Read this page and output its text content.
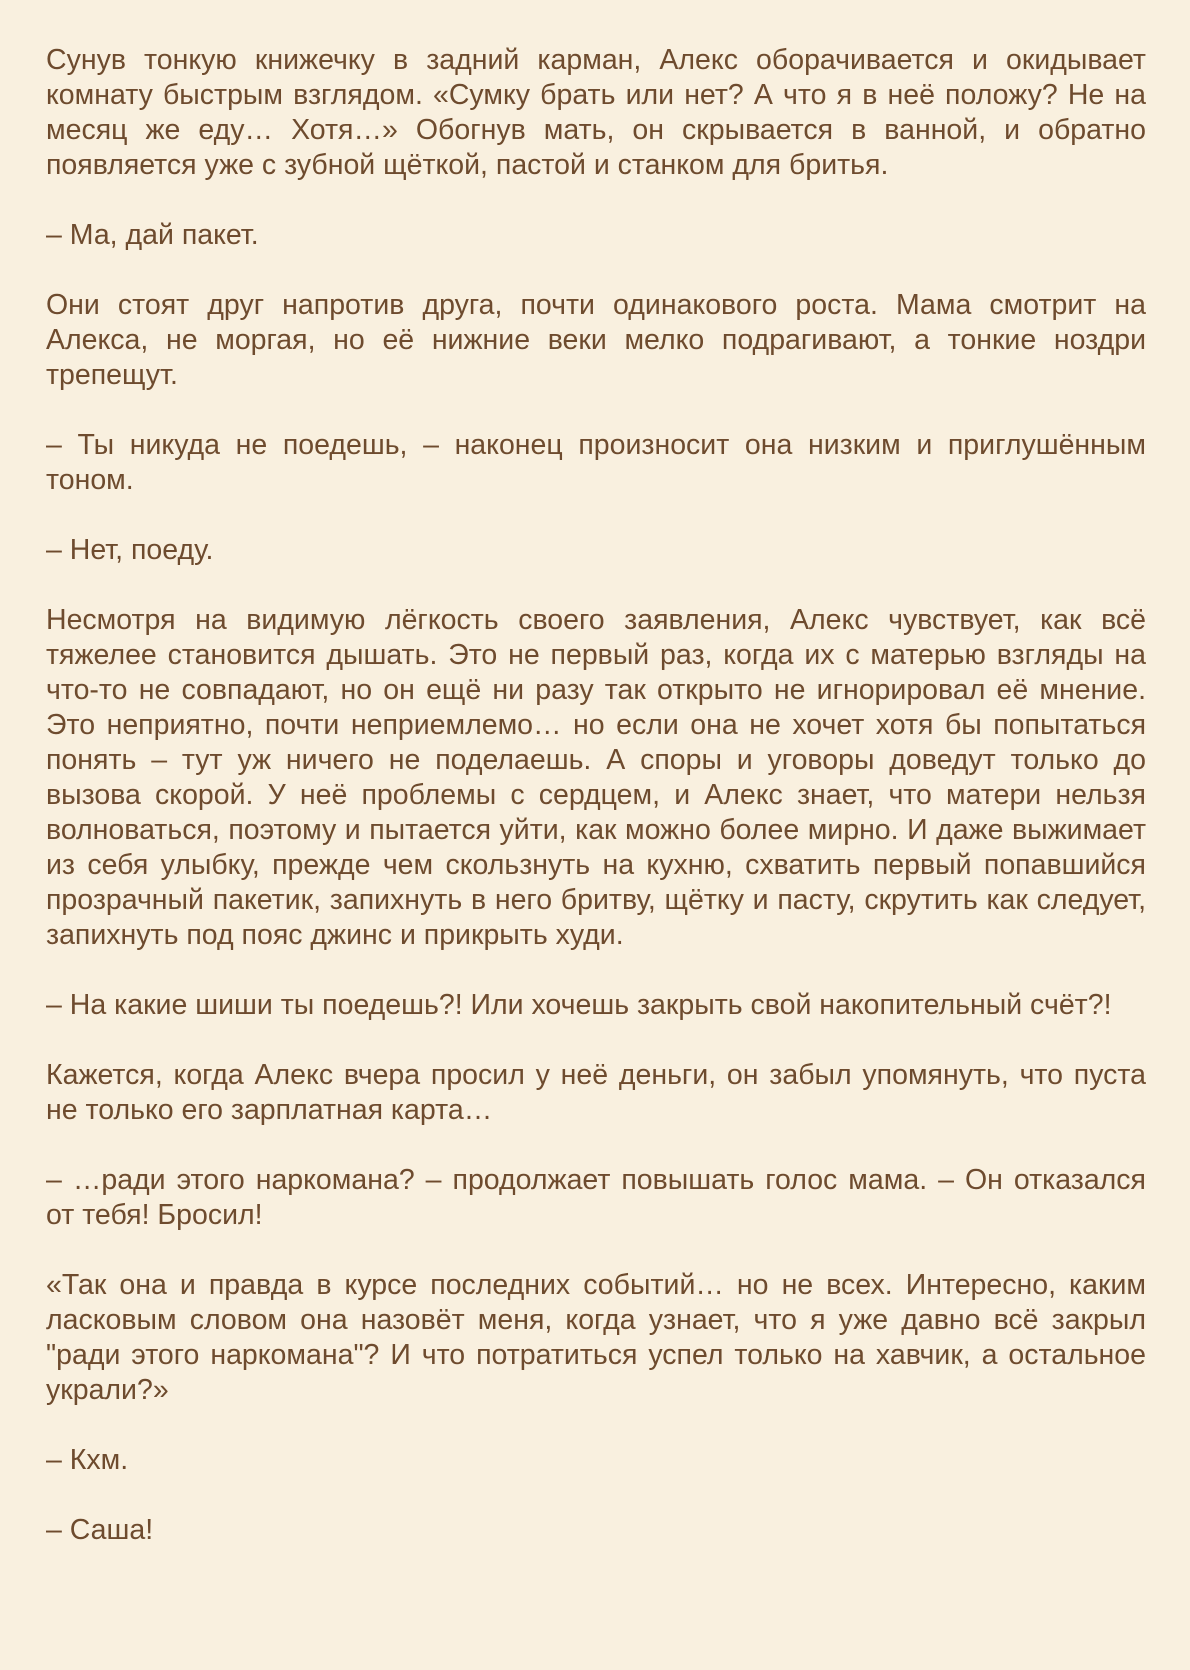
Сунув тонкую книжечку в задний карман, Алекс оборачивается и окидывает комнату быстрым взглядом. «Сумку брать или нет? А что я в неё положу? Не на месяц же еду… Хотя…» Обогнув мать, он скрывается в ванной, и обратно появляется уже с зубной щёткой, пастой и станком для бритья.

– Ма, дай пакет.

Они стоят друг напротив друга, почти одинакового роста. Мама смотрит на Алекса, не моргая, но её нижние веки мелко подрагивают, а тонкие ноздри трепещут.

– Ты никуда не поедешь, – наконец произносит она низким и приглушённым тоном.

– Нет, поеду.

Несмотря на видимую лёгкость своего заявления, Алекс чувствует, как всё тяжелее становится дышать. Это не первый раз, когда их с матерью взгляды на что-то не совпадают, но он ещё ни разу так открыто не игнорировал её мнение. Это неприятно, почти неприемлемо… но если она не хочет хотя бы попытаться понять – тут уж ничего не поделаешь. А споры и уговоры доведут только до вызова скорой. У неё проблемы с сердцем, и Алекс знает, что матери нельзя волноваться, поэтому и пытается уйти, как можно более мирно. И даже выжимает из себя улыбку, прежде чем скользнуть на кухню, схватить первый попавшийся прозрачный пакетик, запихнуть в него бритву, щётку и пасту, скрутить как следует, запихнуть под пояс джинс и прикрыть худи.

– На какие шиши ты поедешь?! Или хочешь закрыть свой накопительный счёт?!

Кажется, когда Алекс вчера просил у неё деньги, он забыл упомянуть, что пуста не только его зарплатная карта…

– …ради этого наркомана? – продолжает повышать голос мама. – Он отказался от тебя! Бросил!

«Так она и правда в курсе последних событий… но не всех. Интересно, каким ласковым словом она назовёт меня, когда узнает, что я уже давно всё закрыл "ради этого наркомана"? И что потратиться успел только на хавчик, а остальное украли?»

– Кхм.

– Саша!
